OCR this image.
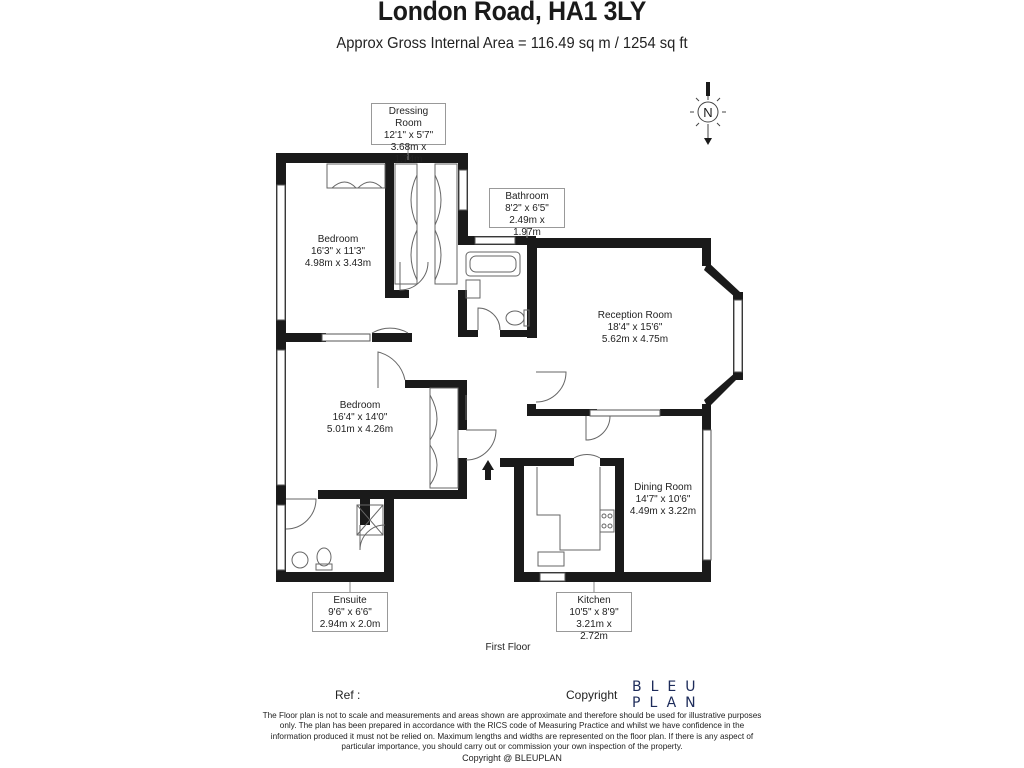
London Road, HA1 3LY
Approx Gross Internal Area = 116.49 sq m / 1254 sq ft
N
Dressing Room
12'1" x 5'7"
3.68m x 1.74m
Bathroom
8'2" x 6'5"
2.49m x 1.97m
Bedroom
16'3" x 11'3"
4.98m x 3.43m
Reception Room
18'4" x 15'6"
5.62m x 4.75m
Bedroom
16'4" x 14'0"
5.01m x 4.26m
Dining Room
14'7" x 10'6"
4.49m x 3.22m
Ensuite
9'6" x 6'6"
2.94m x 2.0m
Kitchen
10'5" x 8'9"
3.21m x 2.72m
First Floor
Ref :	Copyright BLEU
PLAN
The Floor plan is not to scale and measurements and areas shown are approximate and therefore should be used for illustrative purposes only. The plan has been prepared in accordance with the RICS code of Measuring Practice and whilst we have confidence in the information produced it must not be relied on. Maximum lengths and widths are represented on the floor plan. If there is any aspect of particular importance, you should carry out or commission your own inspection of the property.
Copyright @ BLEUPLAN
